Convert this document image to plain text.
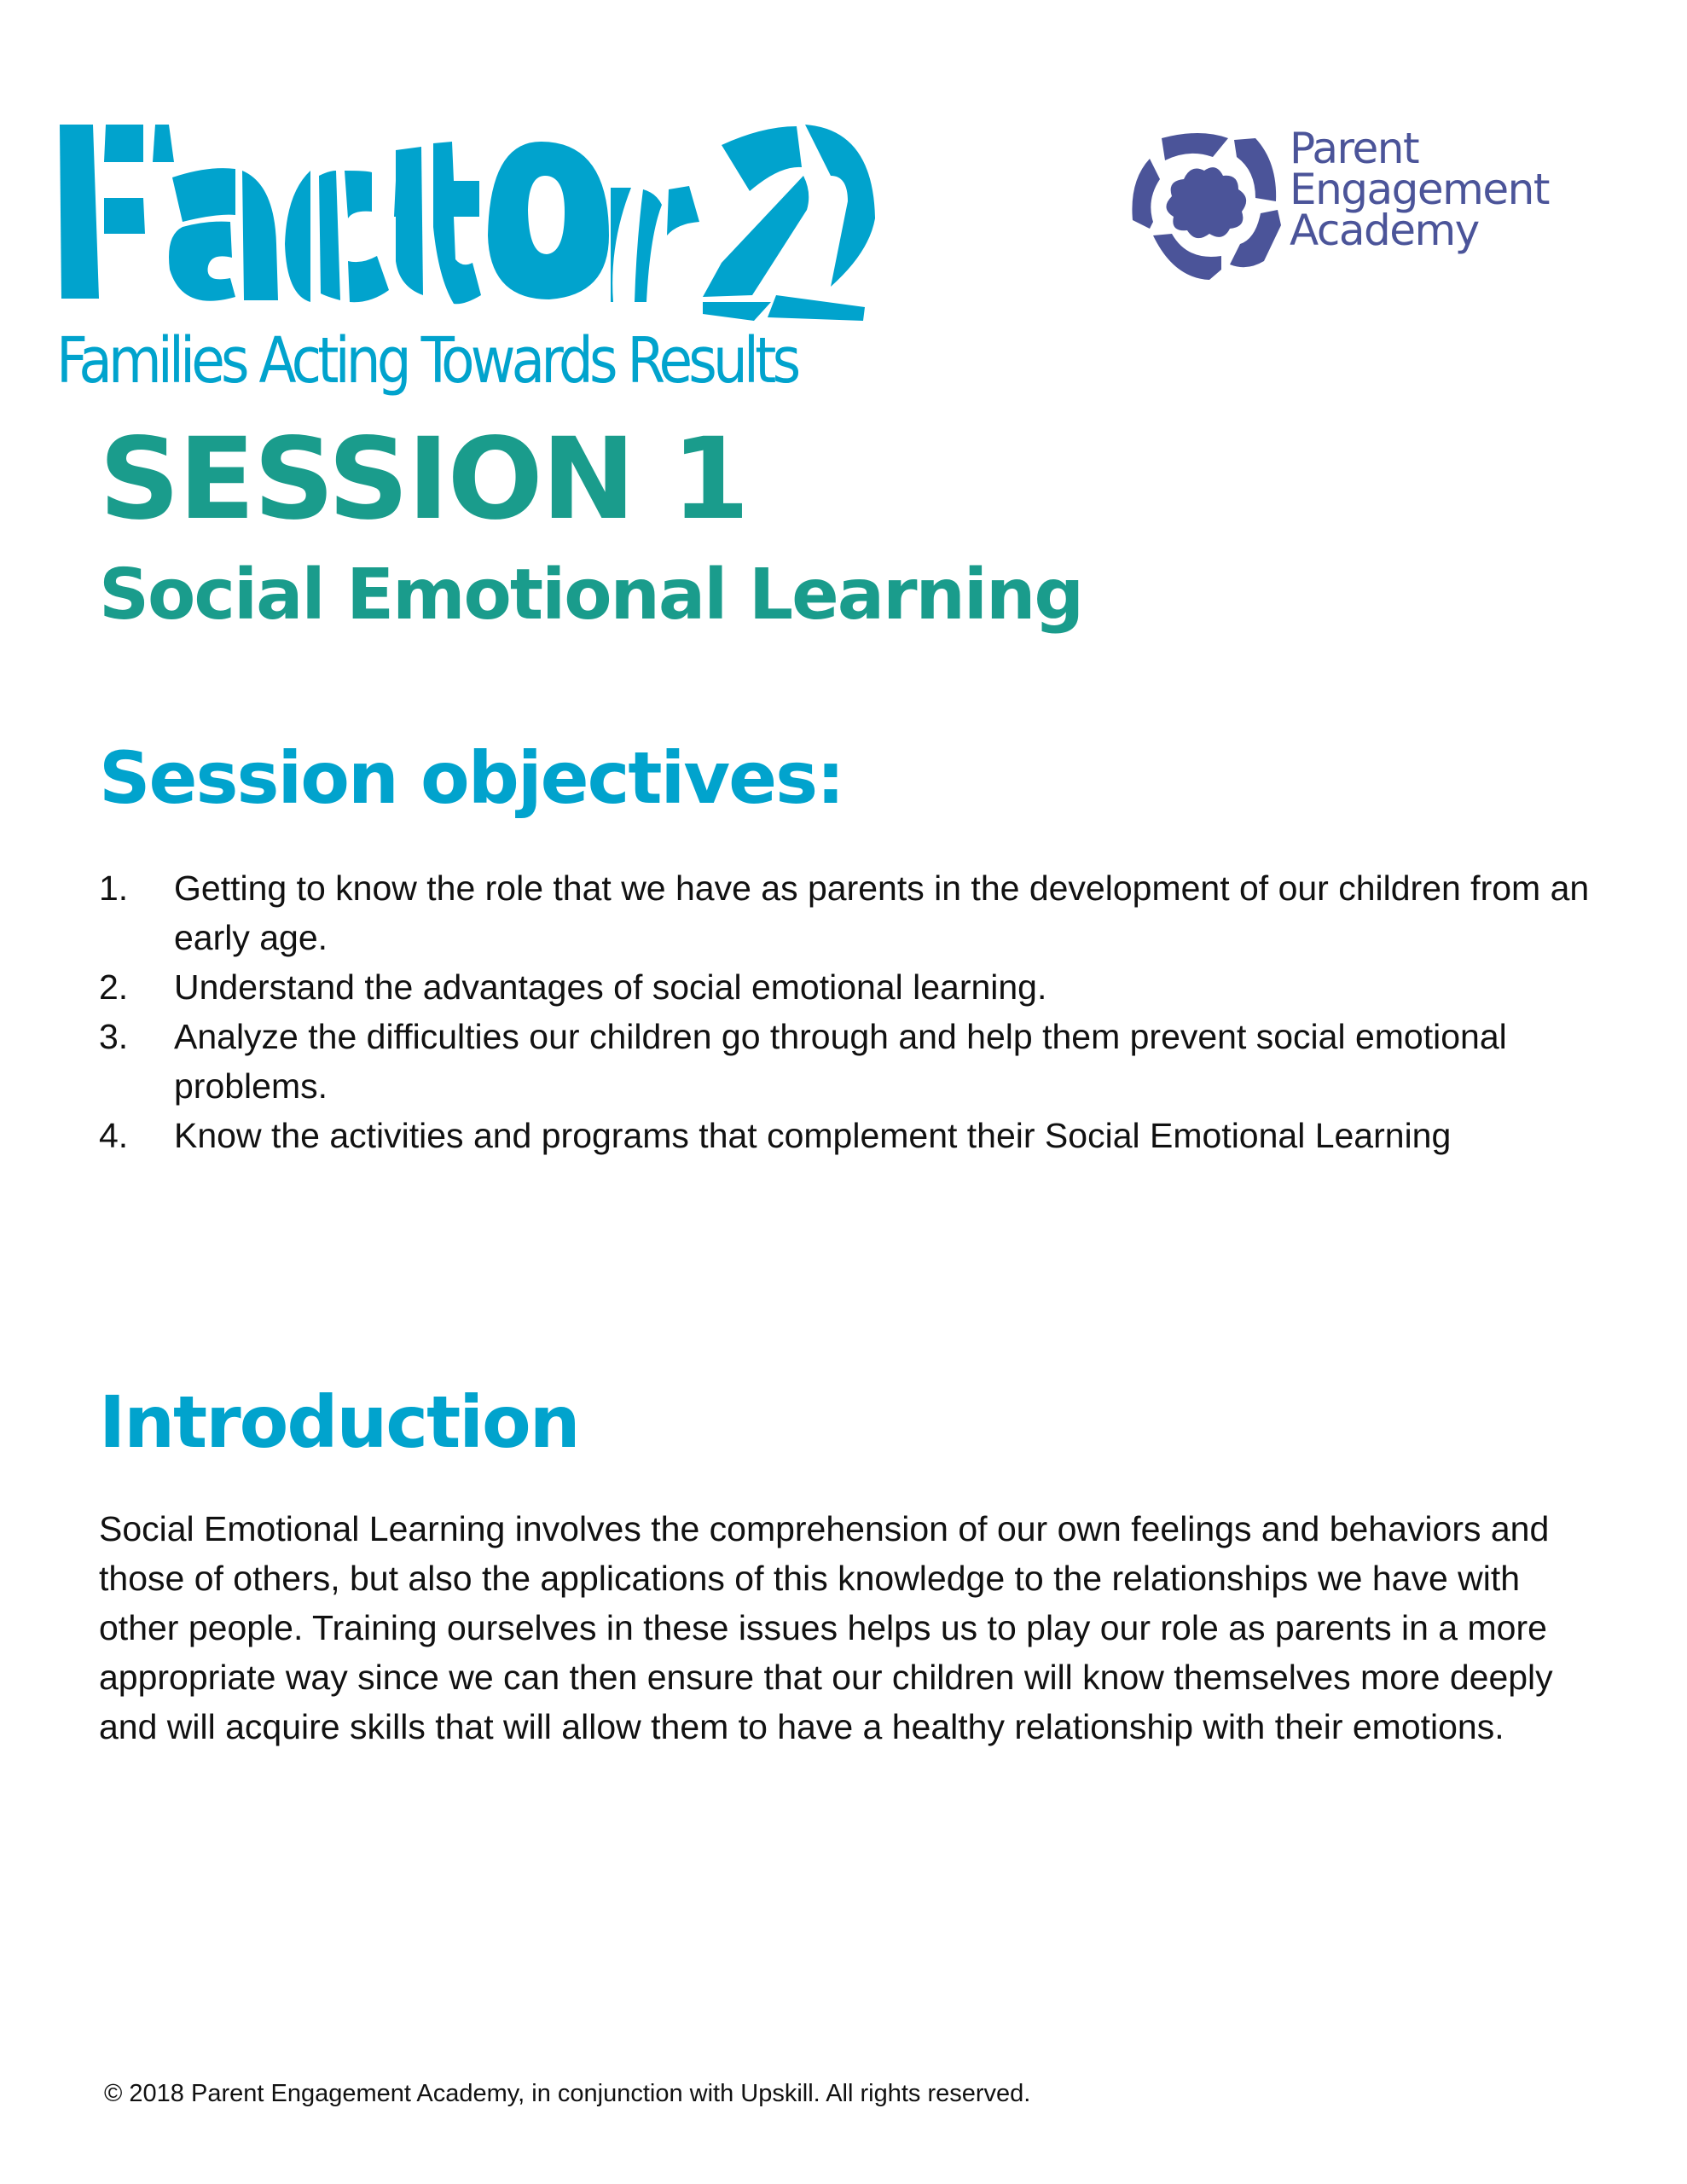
Families Acting Towards Results
Parent
Engagement
Academy
SESSION 1
Social Emotional Learning
Session objectives:
1. Getting to know the role that we have as parents in the development of our children from an early age.
2. Understand the advantages of social emotional learning.
3. Analyze the difficulties our children go through and help them prevent social emotional problems.
4. Know the activities and programs that complement their Social Emotional Learning
Introduction

Social Emotional Learning involves the comprehension of our own feelings and behaviors and those of others, but also the applications of this knowledge to the relationships we have with other people. Training ourselves in these issues helps us to play our role as parents in a more appropriate way since we can then ensure that our children will know themselves more deeply and will acquire skills that will allow them to have a healthy relationship with their emotions.

© 2018 Parent Engagement Academy, in conjunction with Upskill. All rights reserved.
